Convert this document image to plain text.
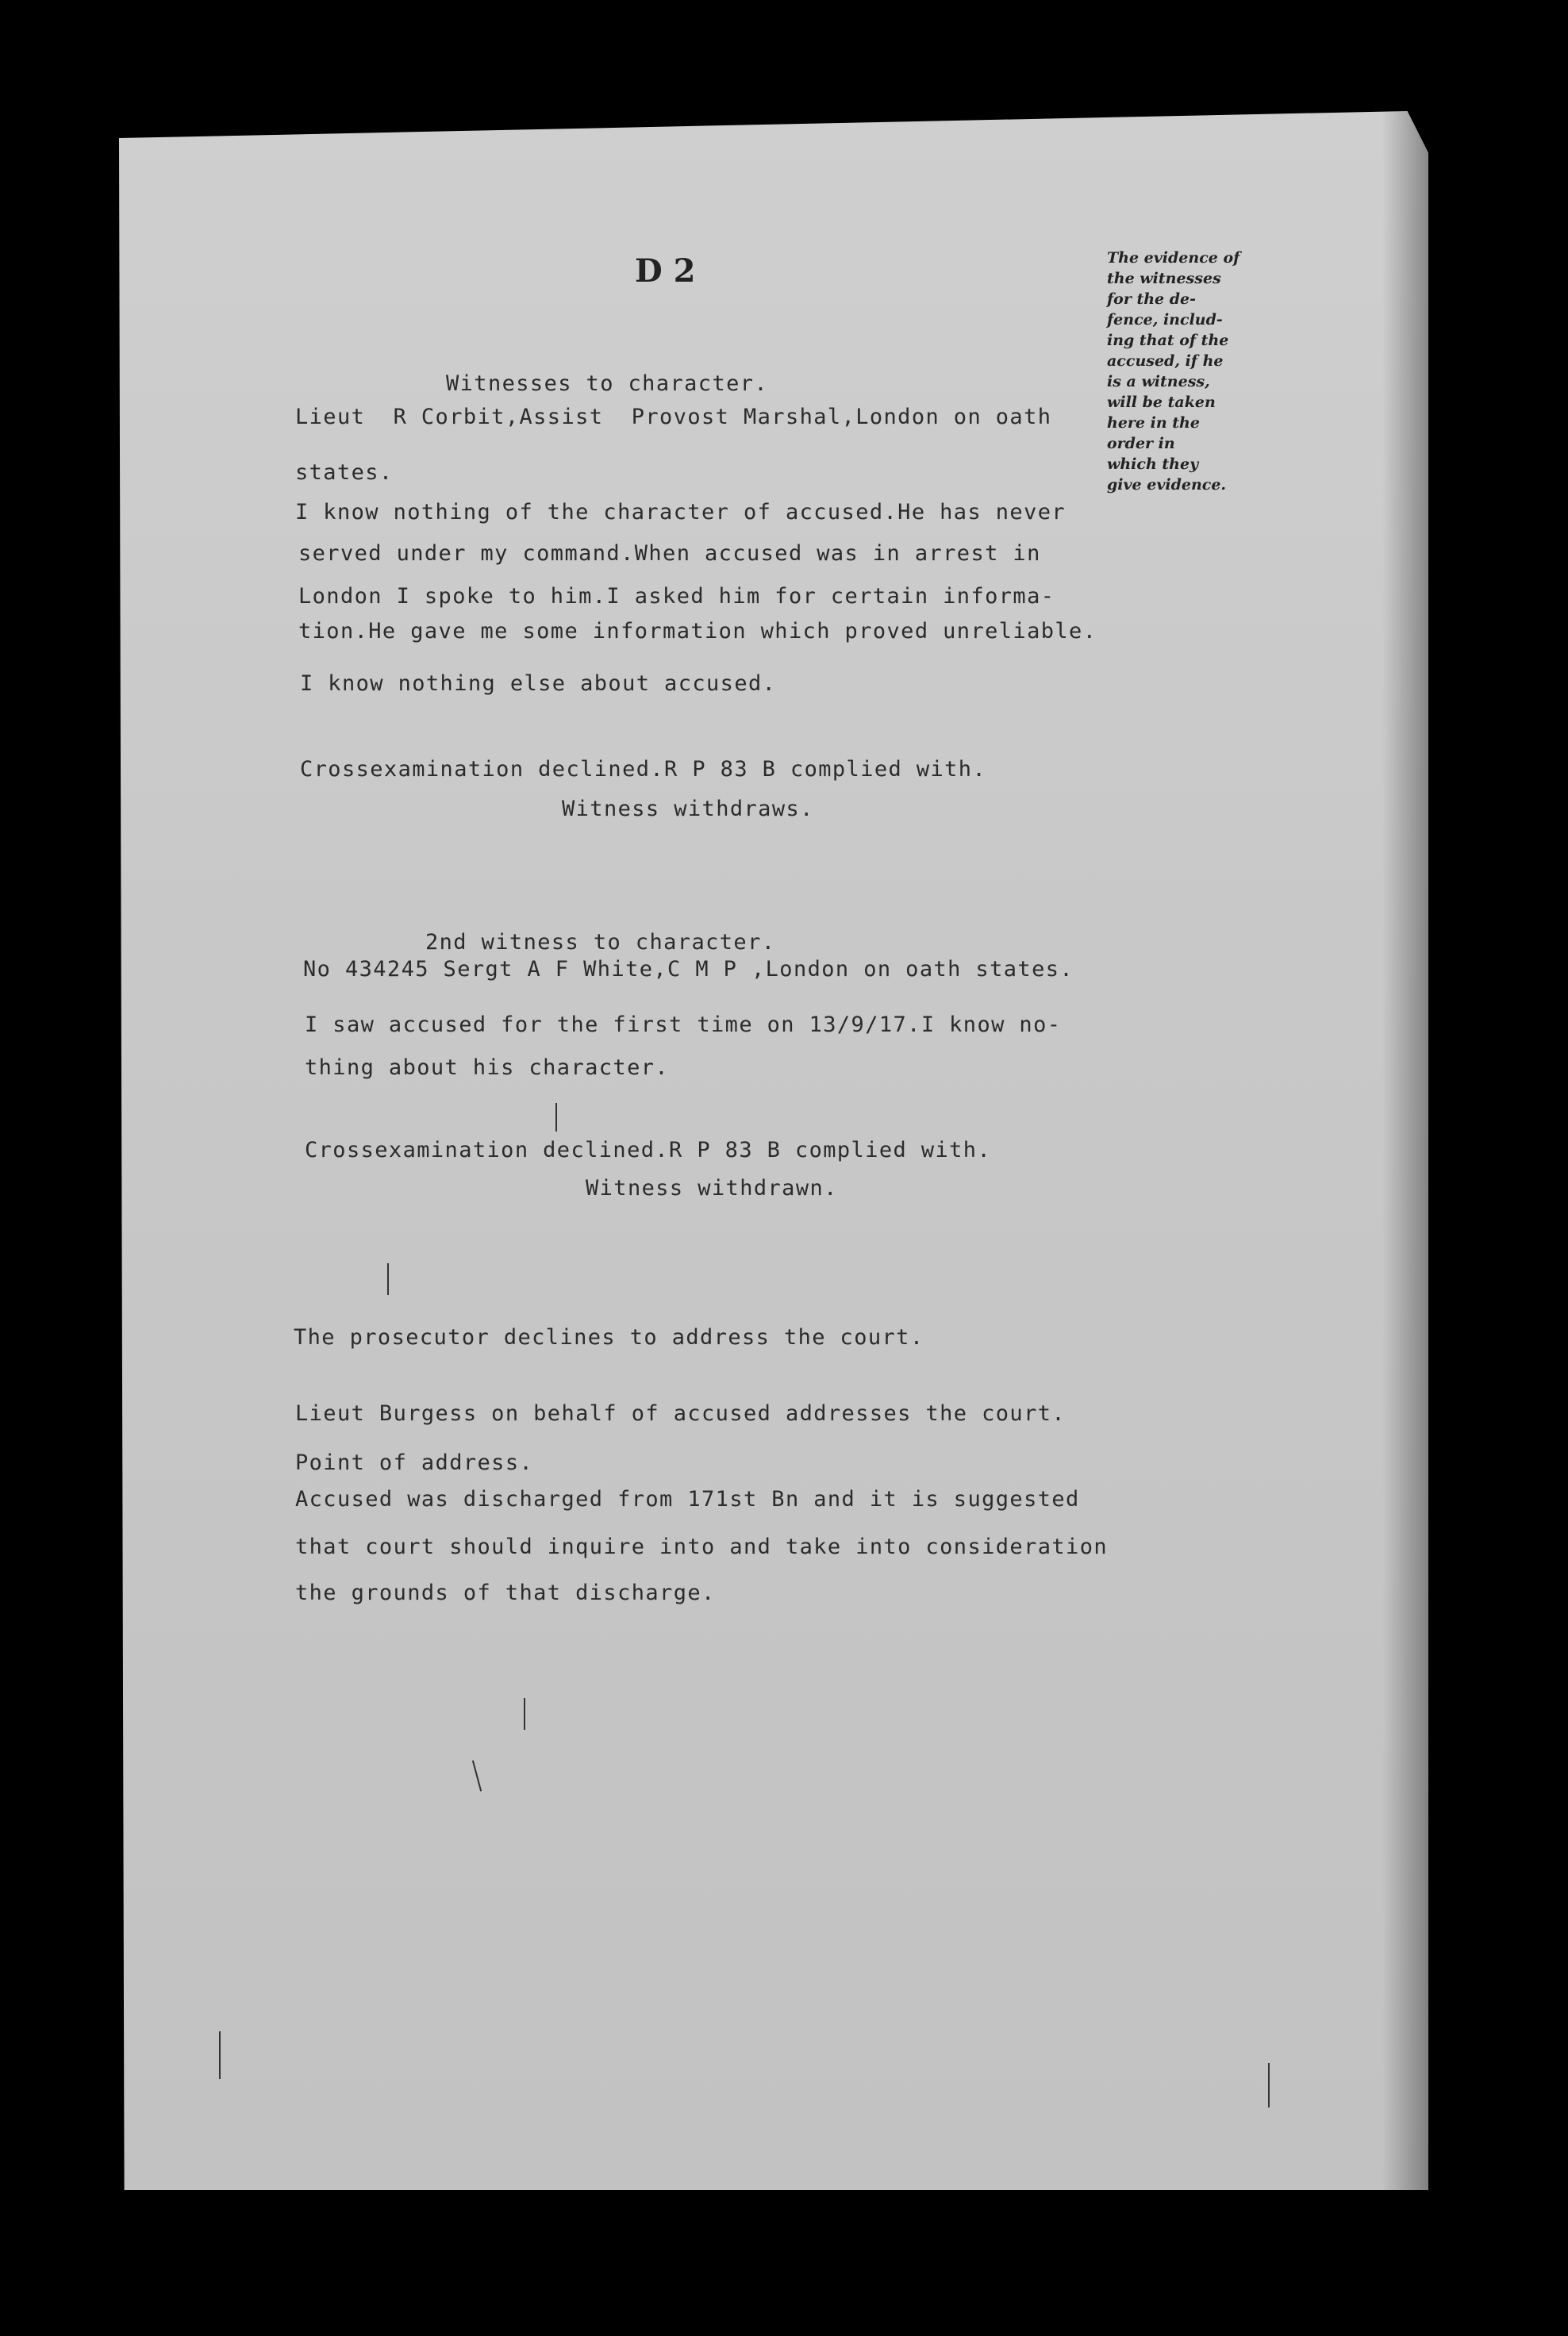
D 2	The evidence of
the witnesses
for the de-
fence, includ-
ing that of the
accused, if he
is a witness,
will be taken
here in the
order in
which they
give evidence.

Witnesses to character.

Lieut  R Corbit,Assist  Provost Marshal,London on oath

states.

I know nothing of the character of accused.He has never

served under my command.When accused was in arrest in

London I spoke to him.I asked him for certain informa-

tion.He gave me some information which proved unreliable.

I know nothing else about accused.

Crossexamination declined.R P 83 B complied with.

Witness withdraws.

2nd witness to character.

No 434245 Sergt A F White,C M P ,London on oath states.

I saw accused for the first time on 13/9/17.I know no-

thing about his character.

Crossexamination declined.R P 83 B complied with.

Witness withdrawn.

The prosecutor declines to address the court.

Lieut Burgess on behalf of accused addresses the court.

Point of address.

Accused was discharged from 171st Bn and it is suggested

that court should inquire into and take into consideration

the grounds of that discharge.
